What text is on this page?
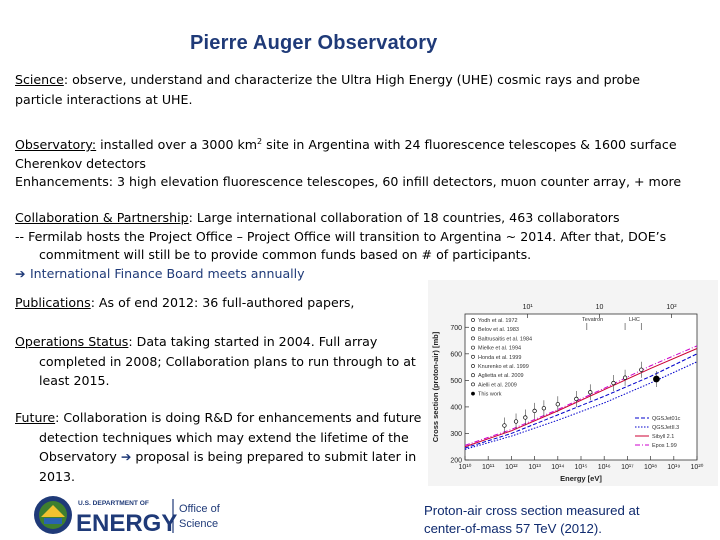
Pierre Auger Observatory
Science: observe, understand and characterize the Ultra High Energy (UHE) cosmic rays and probe particle interactions at UHE.
Observatory: installed over a 3000 $km^2$ site in Argentina with 24 fluorescence telescopes & 1600 surface Cherenkov detectors
Enhancements: 3 high elevation fluorescence telescopes, 60 infill detectors, muon counter array, + more
Collaboration & Partnership: Large international collaboration of 18 countries, 463 collaborators
-- Fermilab hosts the Project Office – Project Office will transition to Argentina ~ 2014. After that, DOE’s commitment will still be to provide common funds based on # of participants.
➔ International Finance Board meets annually
Publications: As of end 2012: 36 full-authored papers,
Operations Status: Data taking started in 2004. Full array completed in 2008; Collaboration plans to run through to at least 2015.
Future: Collaboration is doing R&D for enhancements and future detection techniques which may extend the lifetime of the Observatory ➔ proposal is being prepared to submit later in 2013.
10¹⁰ 10¹¹ 10¹² 10¹³ 10¹⁴ 10¹⁵ 10¹⁶ 10¹⁷ 10¹⁸ 10¹⁹ 10²⁰
200
300
400
500
600
700
10¹	10	10²
Tevatron	LHC
Energy [eV]
Cross section (proton-air) [mb]
Yodh et al. 1972
Belov et al. 1983
Baltrusaitis et al. 1984
Mielke et al. 1994
Honda et al. 1999
Knurenko et al. 1999
Aglietta et al. 2009
Aielli et al. 2009
This work
QGSJet01c
QGSJetII.3
Sibyll 2.1
Epos 1.99
Proton-air cross section measured at
center-of-mass 57 TeV (2012).
U.S. DEPARTMENT OF
ENERGY
Office of
Science
